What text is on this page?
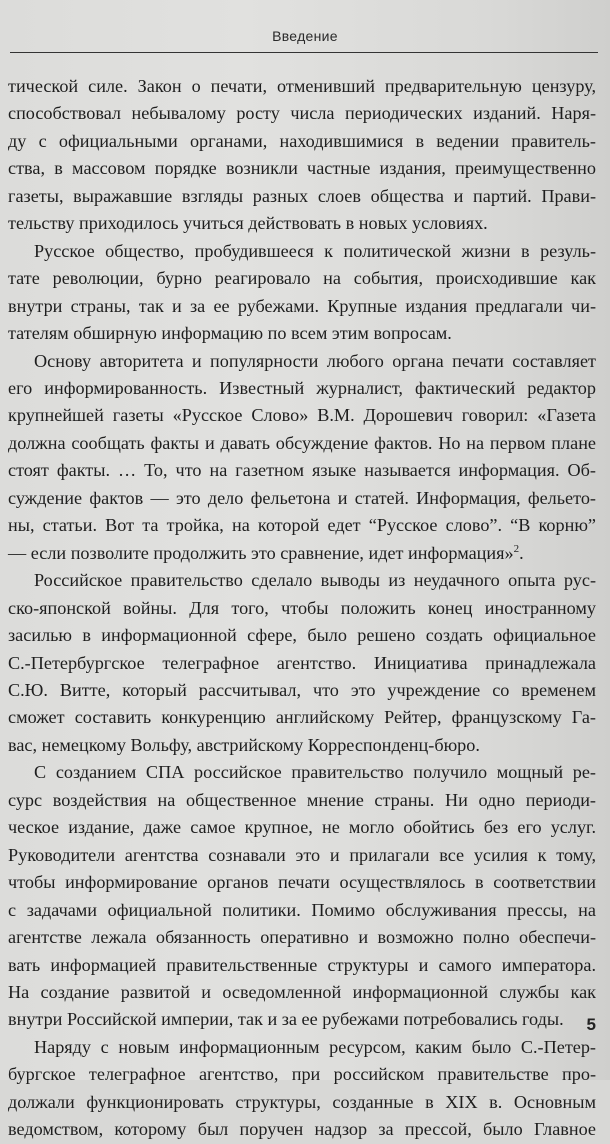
Введение

тической силе. Закон о печати, отменивший предварительную цензуру,

способствовал небывалому росту числа периодических изданий. Наря-

ду с официальными органами, находившимися в ведении правитель-

ства, в массовом порядке возникли частные издания, преимущественно

газеты, выражавшие взгляды разных слоев общества и партий. Прави-

тельству приходилось учиться действовать в новых условиях.

Русское общество, пробудившееся к политической жизни в резуль-

тате революции, бурно реагировало на события, происходившие как

внутри страны, так и за ее рубежами. Крупные издания предлагали чи-

тателям обширную информацию по всем этим вопросам.

Основу авторитета и популярности любого органа печати составляет

его информированность. Известный журналист, фактический редактор

крупнейшей газеты «Русское Слово» В.М. Дорошевич говорил: «Газета

должна сообщать факты и давать обсуждение фактов. Но на первом плане

стоят факты. … То, что на газетном языке называется информация. Об-

суждение фактов — это дело фельетона и статей. Информация, фельето-

ны, статьи. Вот та тройка, на которой едет “Русское слово”. “В корню”

— если позволите продолжить это сравнение, идет информация»$^2$.

Российское правительство сделало выводы из неудачного опыта рус-

ско-японской войны. Для того, чтобы положить конец иностранному

засилью в информационной сфере, было решено создать официальное

С.-Петербургское телеграфное агентство. Инициатива принадлежала

С.Ю. Витте, который рассчитывал, что это учреждение со временем

сможет составить конкуренцию английскому Рейтер, французскому Га-

вас, немецкому Вольфу, австрийскому Корреспонденц-бюро.

С созданием СПА российское правительство получило мощный ре-

сурс воздействия на общественное мнение страны. Ни одно периоди-

ческое издание, даже самое крупное, не могло обойтись без его услуг.

Руководители агентства сознавали это и прилагали все усилия к тому,

чтобы информирование органов печати осуществлялось в соответствии

с задачами официальной политики. Помимо обслуживания прессы, на

агентстве лежала обязанность оперативно и возможно полно обеспечи-

вать информацией правительственные структуры и самого императора.

На создание развитой и осведомленной информационной службы как

внутри Российской империи, так и за ее рубежами потребовались годы.

Наряду с новым информационным ресурсом, каким было С.-Петер-

бургское телеграфное агентство, при российском правительстве про-

должали функционировать структуры, созданные в XIX в. Основным

ведомством, которому был поручен надзор за прессой, было Главное

5
